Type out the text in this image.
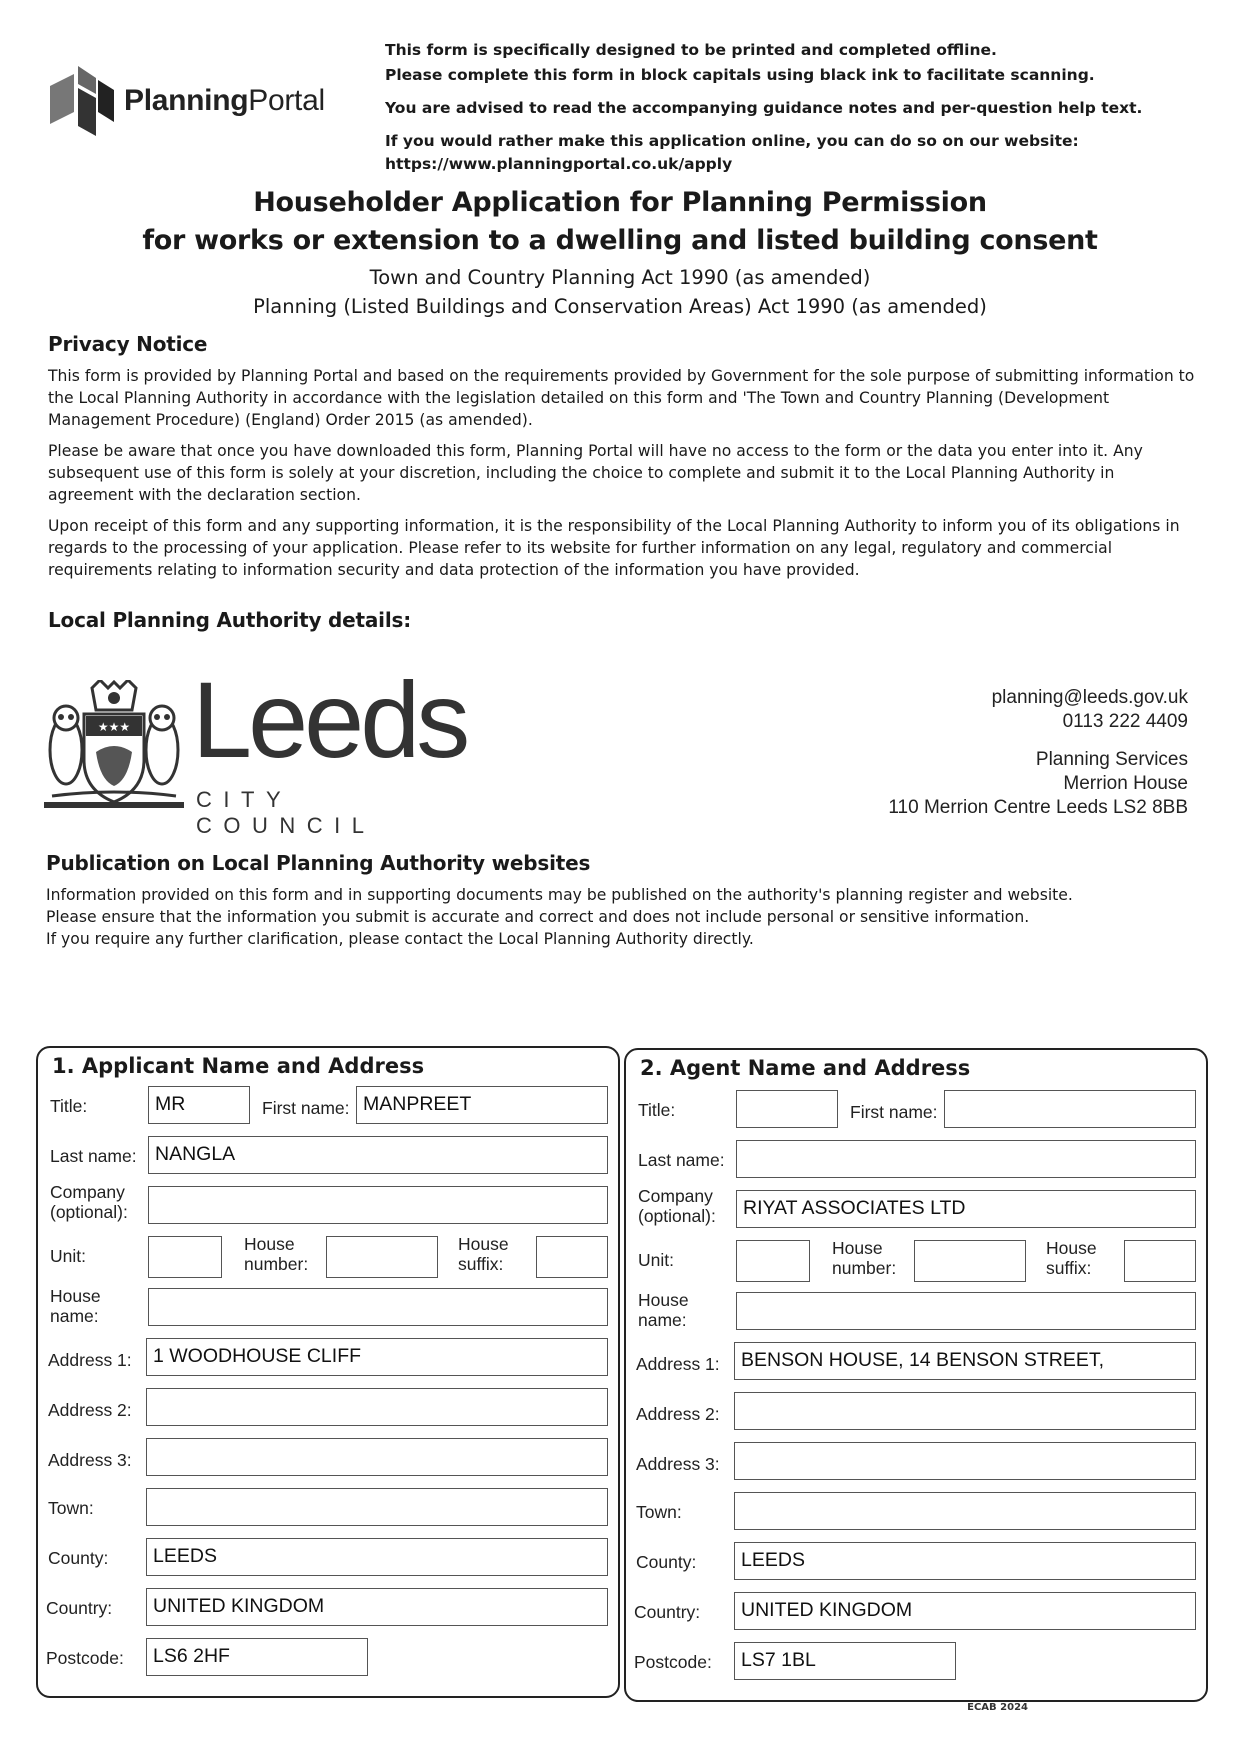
PlanningPortal
This form is specifically designed to be printed and completed offline.
Please complete this form in block capitals using black ink to facilitate scanning.
You are advised to read the accompanying guidance notes and per-question help text.
If you would rather make this application online, you can do so on our website:
https://www.planningportal.co.uk/apply
Householder Application for Planning Permission
for works or extension to a dwelling and listed building consent
Town and Country Planning Act 1990 (as amended)
Planning (Listed Buildings and Conservation Areas) Act 1990 (as amended)
Privacy Notice

This form is provided by Planning Portal and based on the requirements provided by Government for the sole purpose of submitting information to the Local Planning Authority in accordance with the legislation detailed on this form and 'The Town and Country Planning (Development Management Procedure) (England) Order 2015 (as amended).

Please be aware that once you have downloaded this form, Planning Portal will have no access to the form or the data you enter into it. Any subsequent use of this form is solely at your discretion, including the choice to complete and submit it to the Local Planning Authority in agreement with the declaration section.

Upon receipt of this form and any supporting information, it is the responsibility of the Local Planning Authority to inform you of its obligations in regards to the processing of your application. Please refer to its website for further information on any legal, regulatory and commercial requirements relating to information security and data protection of the information you have provided.

Local Planning Authority details:
★★★ Leeds
CITY COUNCIL
planning@leeds.gov.uk
0113 222 4409
Planning Services
Merrion House
110 Merrion Centre Leeds LS2 8BB
Publication on Local Planning Authority websites
Information provided on this form and in supporting documents may be published on the authority's planning register and website.
Please ensure that the information you submit is accurate and correct and does not include personal or sensitive information.
If you require any further clarification, please contact the Local Planning Authority directly.
1. Applicant Name and Address
Title:	MR	First name: MANPREET
Last name: NANGLA
Company
(optional):
Unit:
House
number:
House
suffix:
House
name:
Address 1:	1 WOODHOUSE CLIFF
Address 2:
Address 3:
Town:
County:	LEEDS
Country:	UNITED KINGDOM
Postcode:	LS6 2HF
2. Agent Name and Address
Title:	First name:
Last name:
Company
(optional):	RIYAT ASSOCIATES LTD
Unit:
House
number:
House
suffix:
House
name:
Address 1:	BENSON HOUSE, 14 BENSON STREET,
Address 2:
Address 3:
Town:
County:	LEEDS
Country:	UNITED KINGDOM
Postcode:	LS7 1BL
ECAB 2024
